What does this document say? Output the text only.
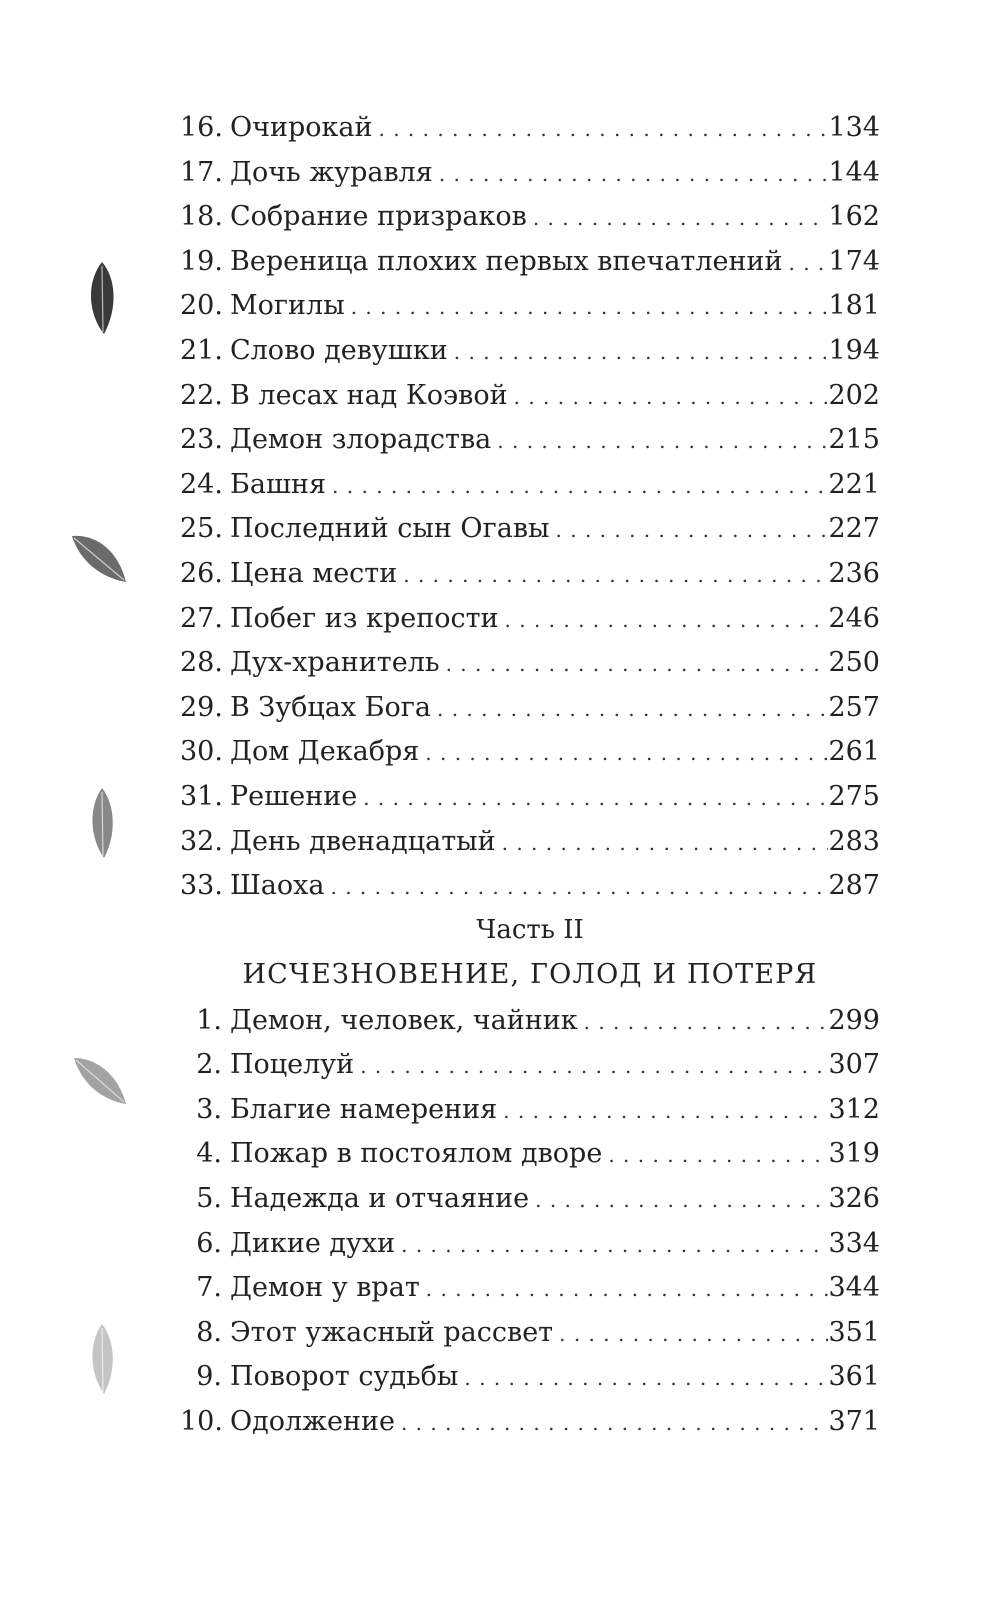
16. Очирокай . . .	134
17. Дочь журавля . . .	144
18. Собрание призраков . . .	162
19. Вереница плохих первых впечатлений . . . 174
20. Могилы . . .	181
21. Слово девушки . . .	194
22. В лесах над Коэвой . . .	202
23. Демон злорадства . . .	215
24. Башня . . .	221
25. Последний сын Огавы . . .	227
26. Цена мести . . .	236
27. Побег из крепости . . .	246
28. Дух-хранитель . . .	250
29. В Зубцах Бога . . .	257
30. Дом Декабря . . .	261
31. Решение . . .	275
32. День двенадцатый . . .	283
33. Шаоха . . .	287
Часть II
ИСЧЕЗНОВЕНИЕ, ГОЛОД И ПОТЕРЯ
1. Демон, человек, чайник . . .	299
2. Поцелуй . . .	307
3. Благие намерения . . .	312
4. Пожар в постоялом дворе . . .	319
5. Надежда и отчаяние . . .	326
6. Дикие духи . . .	334
7. Демон у врат . . .	344
8. Этот ужасный рассвет . . .	351
9. Поворот судьбы . . .	361
10. Одолжение . . .	371
